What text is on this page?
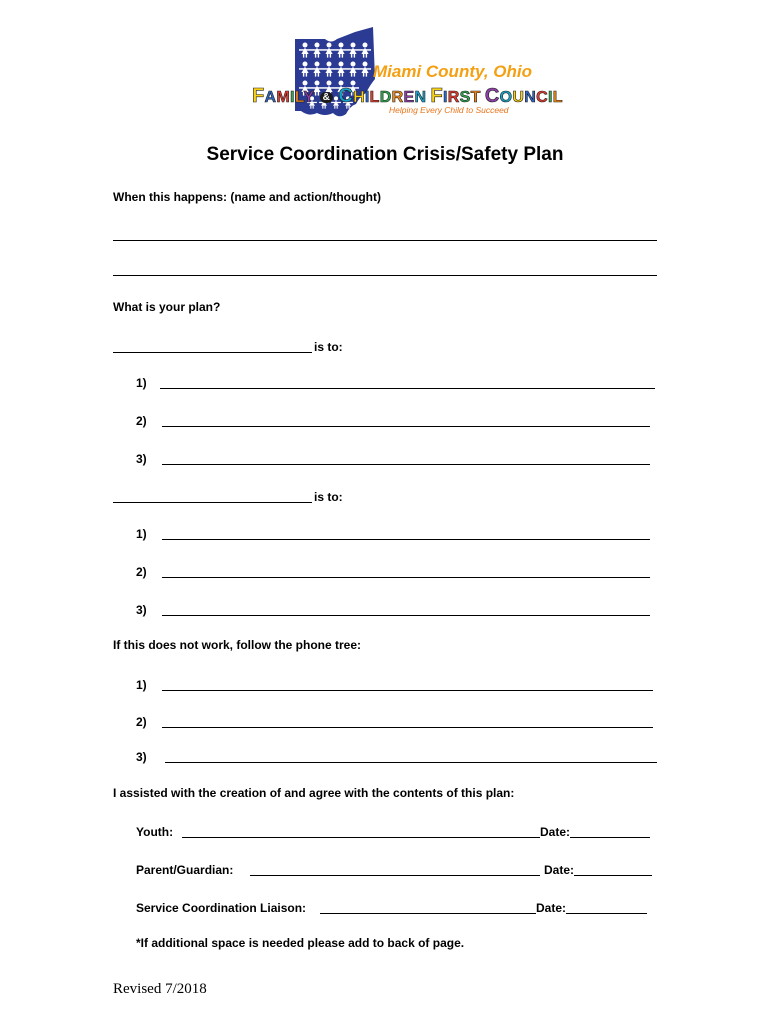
Miami County, Ohio
FAMILY & CHILDREN FIRST COUNCIL
Helping Every Child to Succeed
Service Coordination Crisis/Safety Plan
When this happens: (name and action/thought)
What is your plan?
is to:
1)
2)
3)
is to:
1)
2)
3)
If this does not work, follow the phone tree:
1)
2)
3)
I assisted with the creation of and agree with the contents of this plan:
Youth:	Date:
Parent/Guardian:	Date:
Service Coordination Liaison:	Date:
*If additional space is needed please add to back of page.
Revised 7/2018
